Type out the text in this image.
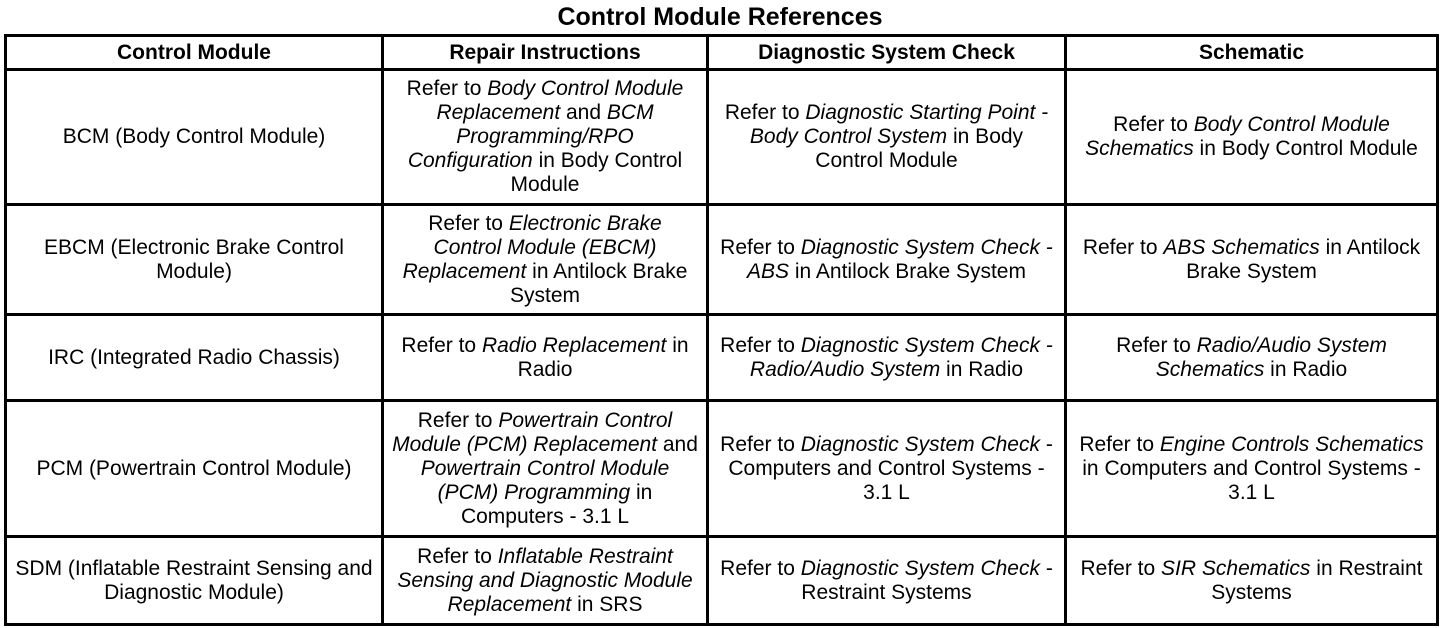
Control Module References
Control Module	Repair Instructions	Diagnostic System Check	Schematic
BCM (Body Control Module)	Refer to Body Control Module Replacement and BCM Programming/RPO Configuration in Body Control Module	Refer to Diagnostic Starting Point - Body Control System in Body Control Module	Refer to Body Control Module Schematics in Body Control Module
EBCM (Electronic Brake Control Module)	Refer to Electronic Brake Control Module (EBCM) Replacement in Antilock Brake System	Refer to Diagnostic System Check - ABS in Antilock Brake System	Refer to ABS Schematics in Antilock Brake System
IRC (Integrated Radio Chassis)	Refer to Radio Replacement in Radio	Refer to Diagnostic System Check - Radio/Audio System in Radio	Refer to Radio/Audio System Schematics in Radio
PCM (Powertrain Control Module)	Refer to Powertrain Control Module (PCM) Replacement and Powertrain Control Module (PCM) Programming in Computers - 3.1 L	Refer to Diagnostic System Check - Computers and Control Systems - 3.1 L	Refer to Engine Controls Schematics in Computers and Control Systems - 3.1 L
SDM (Inflatable Restraint Sensing and Diagnostic Module)	Refer to Inflatable Restraint Sensing and Diagnostic Module Replacement in SRS	Refer to Diagnostic System Check - Restraint Systems	Refer to SIR Schematics in Restraint Systems
